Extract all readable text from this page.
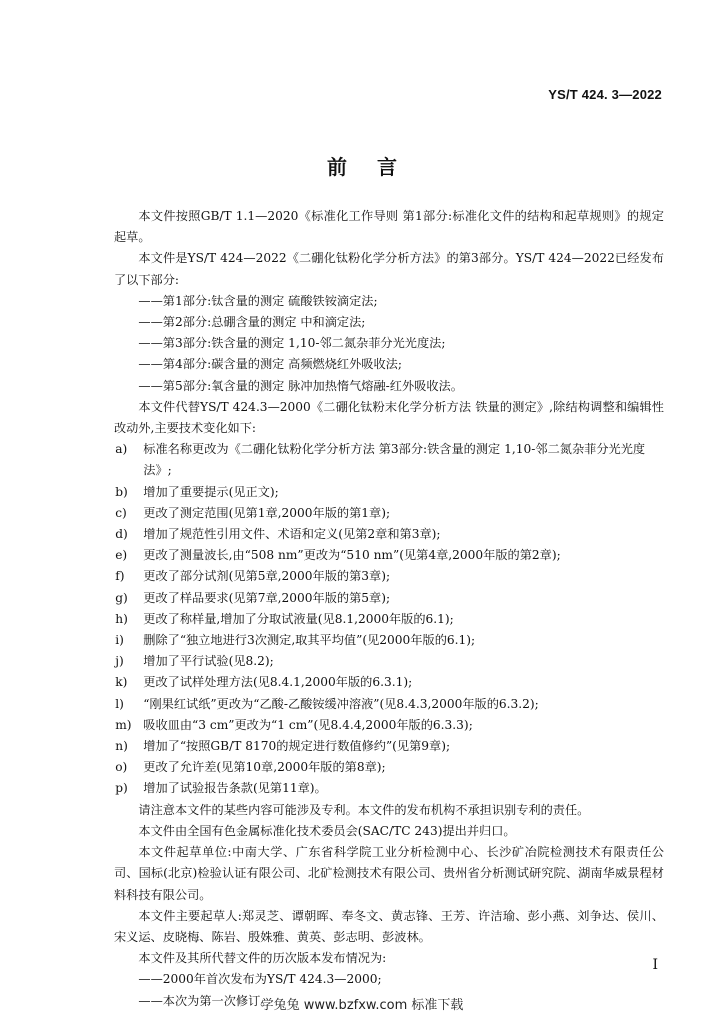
YS/T 424. 3—2022
前言

本文件按照GB/T 1.1—2020《标准化工作导则 第1部分:标准化文件的结构和起草规则》的规定起草。

本文件是YS/T 424—2022《二硼化钛粉化学分析方法》的第3部分。YS/T 424—2022已经发布了以下部分:

——第1部分:钛含量的测定 硫酸铁铵滴定法;

——第2部分:总硼含量的测定 中和滴定法;

——第3部分:铁含量的测定 1,10-邻二氮杂菲分光光度法;

——第4部分:碳含量的测定 高频燃烧红外吸收法;

——第5部分:氧含量的测定 脉冲加热惰气熔融-红外吸收法。

本文件代替YS/T 424.3—2000《二硼化钛粉末化学分析方法 铁量的测定》,除结构调整和编辑性改动外,主要技术变化如下:

a)	标准名称更改为《二硼化钛粉化学分析方法 第3部分:铁含量的测定 1,10-邻二氮杂菲分光光度法》;
b)	增加了重要提示(见正文);
c)	更改了测定范围(见第1章,2000年版的第1章);
d)	增加了规范性引用文件、术语和定义(见第2章和第3章);
e)	更改了测量波长,由“508 nm”更改为“510 nm”(见第4章,2000年版的第2章);
f)	更改了部分试剂(见第5章,2000年版的第3章);
g)	更改了样品要求(见第7章,2000年版的第5章);
h)	更改了称样量,增加了分取试液量(见8.1,2000年版的6.1);
i)	删除了“独立地进行3次测定,取其平均值”(见2000年版的6.1);
j)	增加了平行试验(见8.2);
k)	更改了试样处理方法(见8.4.1,2000年版的6.3.1);
l)	“刚果红试纸”更改为“乙酸-乙酸铵缓冲溶液”(见8.4.3,2000年版的6.3.2);
m) 吸收皿由“3 cm”更改为“1 cm”(见8.4.4,2000年版的6.3.3);
n)	增加了“按照GB/T 8170的规定进行数值修约”(见第9章);
o)	更改了允许差(见第10章,2000年版的第8章);
p)	增加了试验报告条款(见第11章)。

请注意本文件的某些内容可能涉及专利。本文件的发布机构不承担识别专利的责任。

本文件由全国有色金属标准化技术委员会(SAC/TC 243)提出并归口。

本文件起草单位:中南大学、广东省科学院工业分析检测中心、长沙矿冶院检测技术有限责任公司、国标(北京)检验认证有限公司、北矿检测技术有限公司、贵州省分析测试研究院、湖南华威景程材料科技有限公司。

本文件主要起草人:郑灵芝、谭朝晖、奉冬文、黄志锋、王芳、许洁瑜、彭小燕、刘争达、侯川、宋义运、皮晓梅、陈岩、殷姝雅、黄英、彭志明、彭波林。

本文件及其所代替文件的历次版本发布情况为:

——2000年首次发布为YS/T 424.3—2000;

——本次为第一次修订。

I
学兔兔 www.bzfxw.com 标准下载
